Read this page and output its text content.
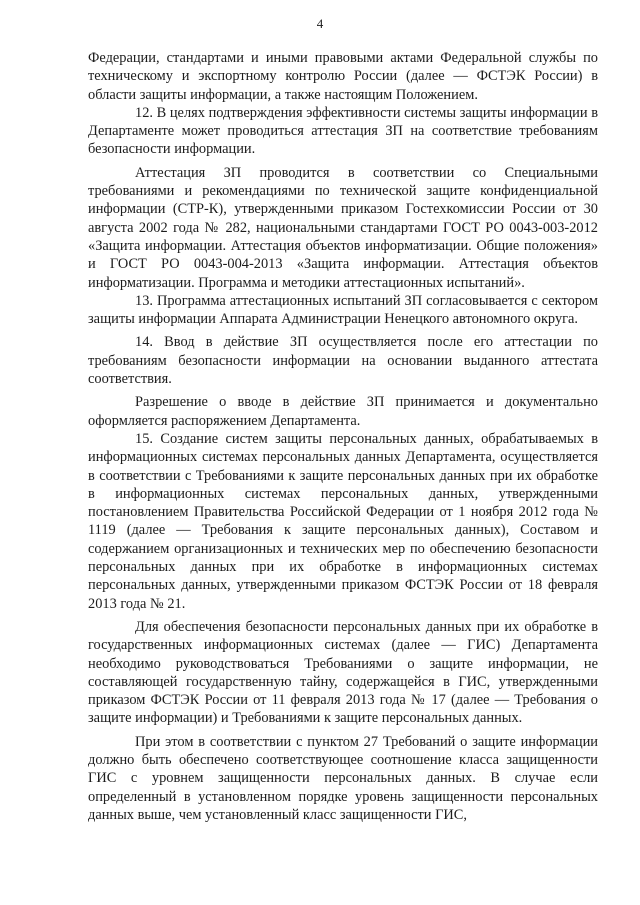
4

Федерации, стандартами и иными правовыми актами Федеральной службы по техническому и экспортному контролю России (далее — ФСТЭК России) в области защиты информации, а также настоящим Положением.

12. В целях подтверждения эффективности системы защиты информации в Департаменте может проводиться аттестация ЗП на соответствие требованиям безопасности информации.

Аттестация ЗП проводится в соответствии со Специальными требованиями и рекомендациями по технической защите конфиденциальной информации (СТР-К), утвержденными приказом Гостехкомиссии России от 30 августа 2002 года № 282, национальными стандартами ГОСТ РО 0043-003-2012 «Защита информации. Аттестация объектов информатизации. Общие положения» и ГОСТ РО 0043-004-2013 «Защита информации. Аттестация объектов информатизации. Программа и методики аттестационных испытаний».

13. Программа аттестационных испытаний ЗП согласовывается с сектором защиты информации Аппарата Администрации Ненецкого автономного округа.

14. Ввод в действие ЗП осуществляется после его аттестации по требованиям безопасности информации на основании выданного аттестата соответствия.

Разрешение о вводе в действие ЗП принимается и документально оформляется распоряжением Департамента.

15. Создание систем защиты персональных данных, обрабатываемых в информационных системах персональных данных Департамента, осуществляется в соответствии с Требованиями к защите персональных данных при их обработке в информационных системах персональных данных, утвержденными постановлением Правительства Российской Федерации от 1 ноября 2012 года № 1119 (далее — Требования к защите персональных данных), Составом и содержанием организационных и технических мер по обеспечению безопасности персональных данных при их обработке в информационных системах персональных данных, утвержденными приказом ФСТЭК России от 18 февраля 2013 года № 21.

Для обеспечения безопасности персональных данных при их обработке в государственных информационных системах (далее — ГИС) Департамента необходимо руководствоваться Требованиями о защите информации, не составляющей государственную тайну, содержащейся в ГИС, утвержденными приказом ФСТЭК России от 11 февраля 2013 года № 17 (далее — Требования о защите информации) и Требованиями к защите персональных данных.

При этом в соответствии с пунктом 27 Требований о защите информации должно быть обеспечено соответствующее соотношение класса защищенности ГИС с уровнем защищенности персональных данных. В случае если определенный в установленном порядке уровень защищенности персональных данных выше, чем установленный класс защищенности ГИС,
